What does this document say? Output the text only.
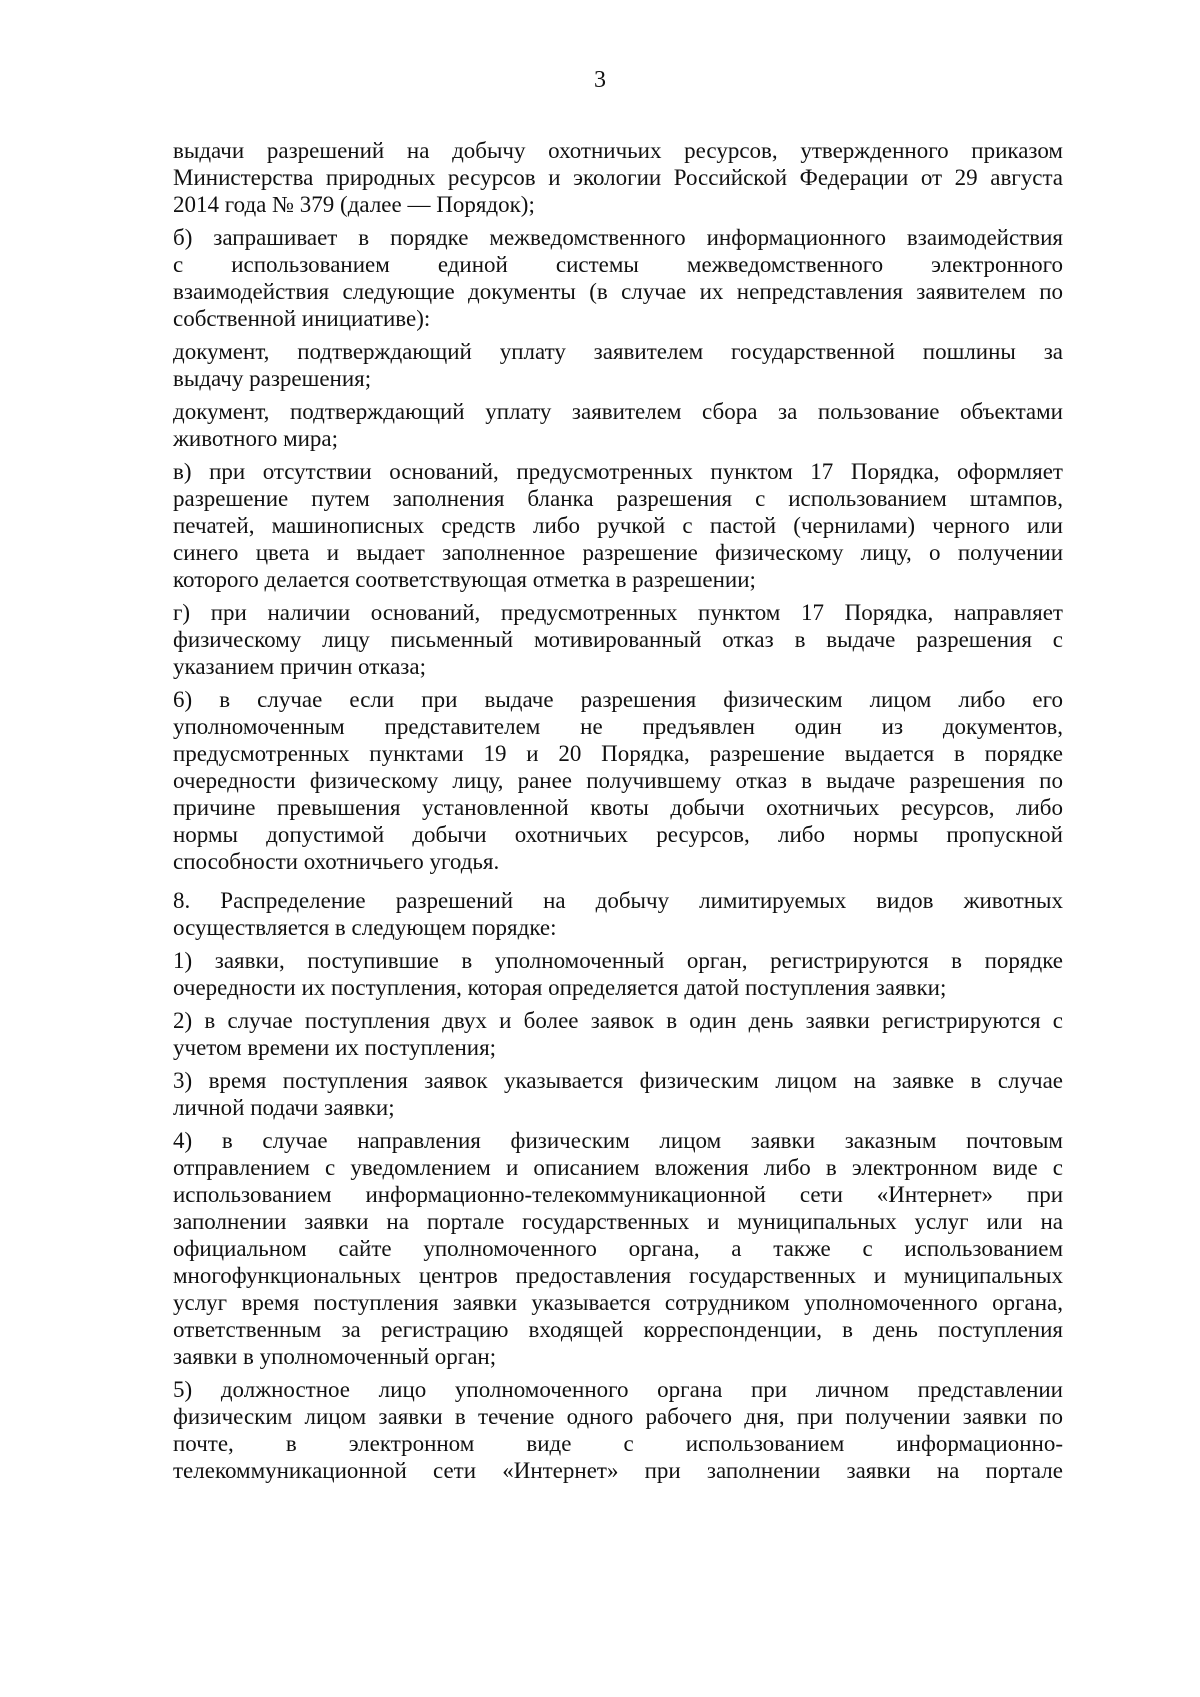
3
выдачи разрешений на добычу охотничьих ресурсов, утвержденного приказом
Министерства природных ресурсов и экологии Российской Федерации от 29 августа
2014 года № 379 (далее — Порядок);
б) запрашивает в порядке межведомственного информационного взаимодействия
с использованием единой системы межведомственного электронного
взаимодействия следующие документы (в случае их непредставления заявителем по
собственной инициативе):
документ, подтверждающий уплату заявителем государственной пошлины за
выдачу разрешения;
документ, подтверждающий уплату заявителем сбора за пользование объектами
животного мира;
в) при отсутствии оснований, предусмотренных пунктом 17 Порядка, оформляет
разрешение путем заполнения бланка разрешения с использованием штампов,
печатей, машинописных средств либо ручкой с пастой (чернилами) черного или
синего цвета и выдает заполненное разрешение физическому лицу, о получении
которого делается соответствующая отметка в разрешении;
г) при наличии оснований, предусмотренных пунктом 17 Порядка, направляет
физическому лицу письменный мотивированный отказ в выдаче разрешения с
указанием причин отказа;
6) в случае если при выдаче разрешения физическим лицом либо его
уполномоченным представителем не предъявлен один из документов,
предусмотренных пунктами 19 и 20 Порядка, разрешение выдается в порядке
очередности физическому лицу, ранее получившему отказ в выдаче разрешения по
причине превышения установленной квоты добычи охотничьих ресурсов, либо
нормы допустимой добычи охотничьих ресурсов, либо нормы пропускной
способности охотничьего угодья.
8. Распределение разрешений на добычу лимитируемых видов животных
осуществляется в следующем порядке:
1) заявки, поступившие в уполномоченный орган, регистрируются в порядке
очередности их поступления, которая определяется датой поступления заявки;
2) в случае поступления двух и более заявок в один день заявки регистрируются с
учетом времени их поступления;
3) время поступления заявок указывается физическим лицом на заявке в случае
личной подачи заявки;
4) в случае направления физическим лицом заявки заказным почтовым
отправлением с уведомлением и описанием вложения либо в электронном виде с
использованием информационно-телекоммуникационной сети «Интернет» при
заполнении заявки на портале государственных и муниципальных услуг или на
официальном сайте уполномоченного органа, а также с использованием
многофункциональных центров предоставления государственных и муниципальных
услуг время поступления заявки указывается сотрудником уполномоченного органа,
ответственным за регистрацию входящей корреспонденции, в день поступления
заявки в уполномоченный орган;
5) должностное лицо уполномоченного органа при личном представлении
физическим лицом заявки в течение одного рабочего дня, при получении заявки по
почте, в электронном виде с использованием информационно-
телекоммуникационной сети «Интернет» при заполнении заявки на портале
